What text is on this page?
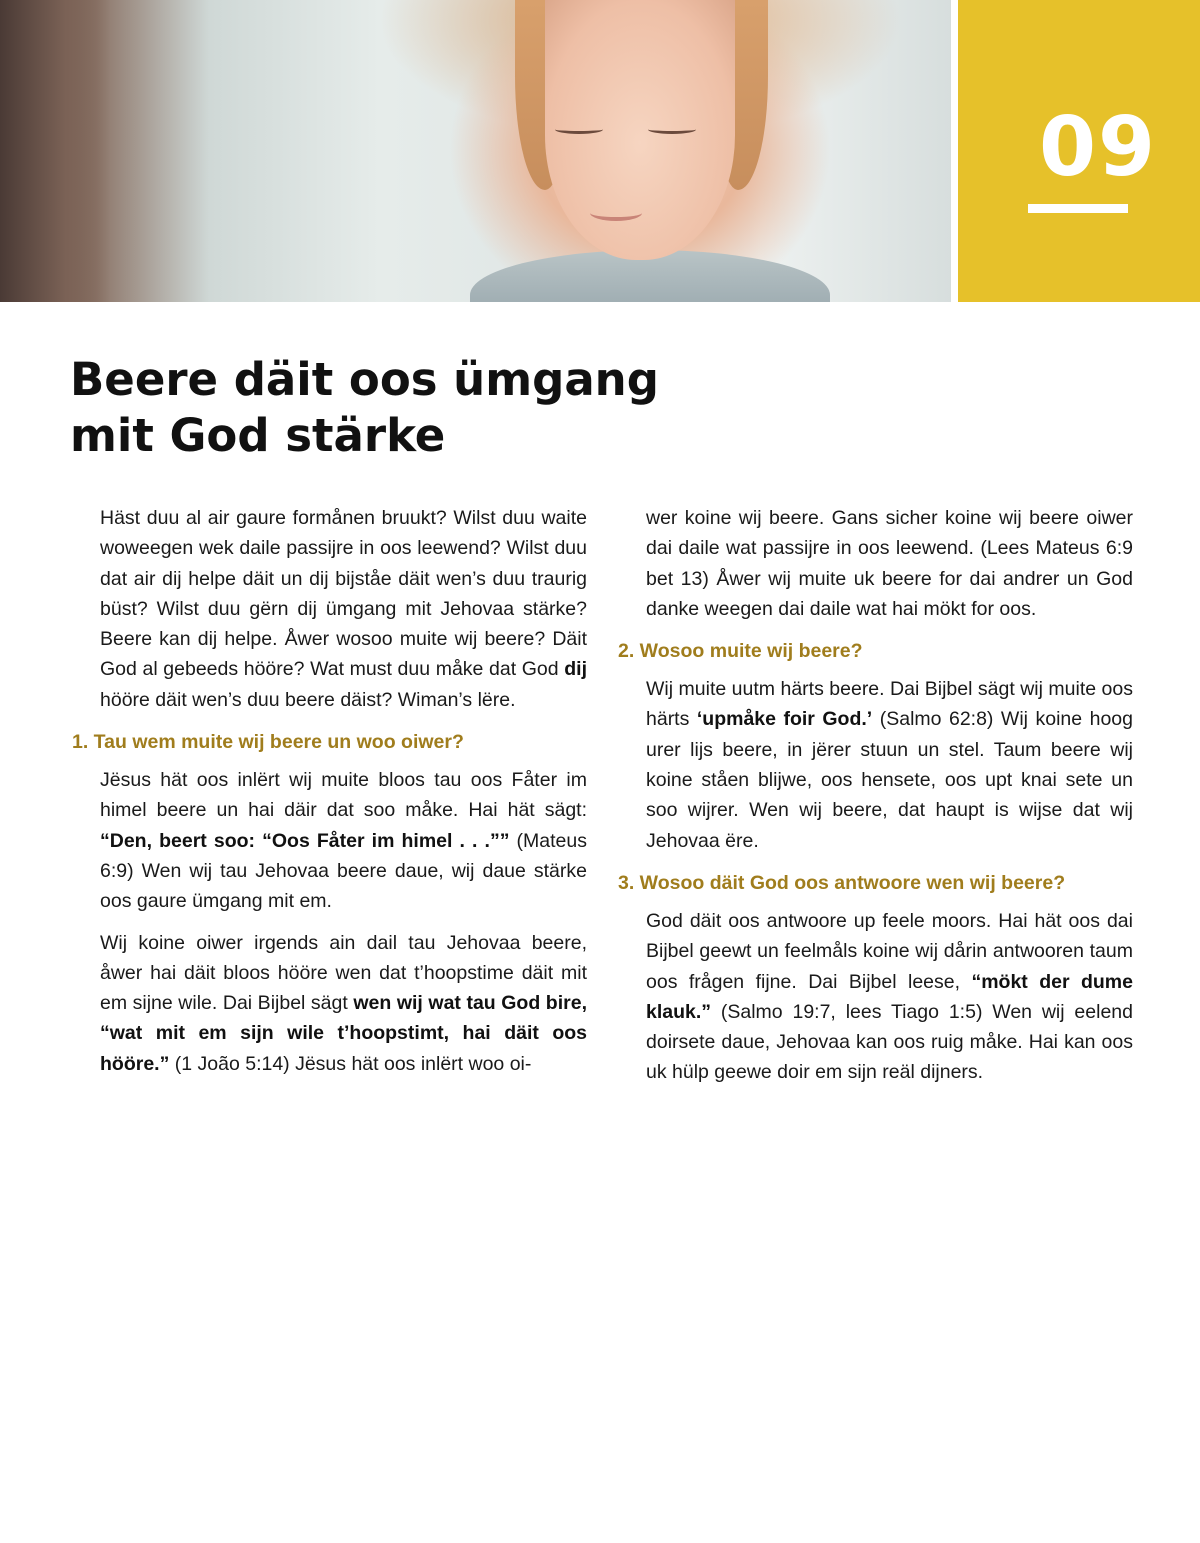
09
Beere däit oos ümgang mit God stärke

Häst duu al air gaure formånen bruukt? Wilst duu waite woweegen wek daile passijre in oos leewend? Wilst duu dat air dij helpe däit un dij bijståe däit wen’s duu traurig büst? Wilst duu gërn dij ümgang mit Jehovaa stärke? Beere kan dij helpe. Åwer wosoo muite wij beere? Däit God al gebeeds hööre? Wat must duu måke dat God dij hööre däit wen’s duu beere däist? Wiman’s lëre.

1. Tau wem muite wij beere un woo oiwer?

Jësus hät oos inlërt wij muite bloos tau oos Fåter im himel beere un hai däir dat soo måke. Hai hät sägt: “Den, beert soo: “Oos Fåter im himel . . .”” (Mateus 6:9) Wen wij tau Jehovaa beere daue, wij daue stärke oos gaure ümgang mit em.

Wij koine oiwer irgends ain dail tau Jehovaa beere, åwer hai däit bloos hööre wen dat t’hoopstime däit mit em sijne wile. Dai Bijbel sägt wen wij wat tau God bire, “wat mit em sijn wile t’hoopstimt, hai däit oos hööre.” (1 João 5:14) Jësus hät oos inlërt woo oi-

wer koine wij beere. Gans sicher koine wij beere oiwer dai daile wat passijre in oos leewend. (Lees Mateus 6:9 bet 13) Åwer wij muite uk beere for dai andrer un God danke weegen dai daile wat hai mökt for oos.

2. Wosoo muite wij beere?

Wij muite uutm härts beere. Dai Bijbel sägt wij muite oos härts ‘upmåke foir God.’ (Salmo 62:8) Wij koine hoog urer lijs beere, in jërer stuun un stel. Taum beere wij koine ståen blijwe, oos hensete, oos upt knai sete un soo wijrer. Wen wij beere, dat haupt is wijse dat wij Jehovaa ëre.

3. Wosoo däit God oos antwoore wen wij beere?

God däit oos antwoore up feele moors. Hai hät oos dai Bijbel geewt un feelmåls koine wij dårin antwooren taum oos frågen fijne. Dai Bijbel leese, “mökt der dume klauk.” (Salmo 19:7, lees Tiago 1:5) Wen wij eelend doirsete daue, Jehovaa kan oos ruig måke. Hai kan oos uk hülp geewe doir em sijn reäl dijners.
